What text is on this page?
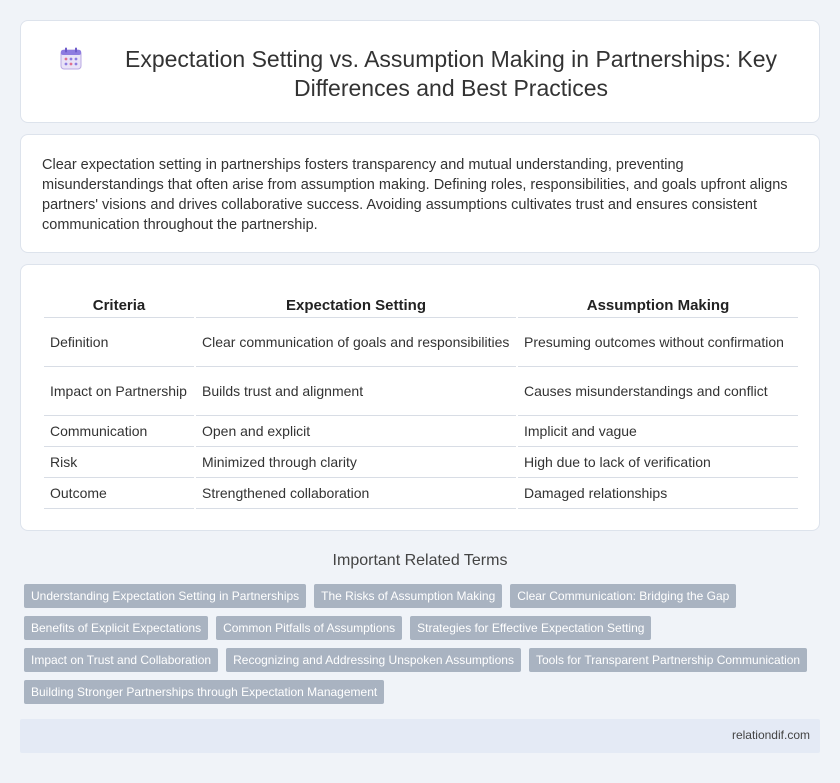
Expectation Setting vs. Assumption Making in Partnerships: Key Differences and Best Practices

Clear expectation setting in partnerships fosters transparency and mutual understanding, preventing misunderstandings that often arise from assumption making. Defining roles, responsibilities, and goals upfront aligns partners' visions and drives collaborative success. Avoiding assumptions cultivates trust and ensures consistent communication throughout the partnership.

Criteria	Expectation Setting	Assumption Making
Definition	Clear communication of goals and responsibilities	Presuming outcomes without confirmation
Impact on Partnership	Builds trust and alignment	Causes misunderstandings and conflict
Communication	Open and explicit	Implicit and vague
Risk	Minimized through clarity	High due to lack of verification
Outcome	Strengthened collaboration	Damaged relationships
Important Related Terms
Understanding Expectation Setting in Partnerships	The Risks of Assumption Making	Clear Communication: Bridging the Gap
Benefits of Explicit Expectations	Common Pitfalls of Assumptions	Strategies for Effective Expectation Setting
Impact on Trust and Collaboration	Recognizing and Addressing Unspoken Assumptions	Tools for Transparent Partnership Communication
Building Stronger Partnerships through Expectation Management
relationdif.com
